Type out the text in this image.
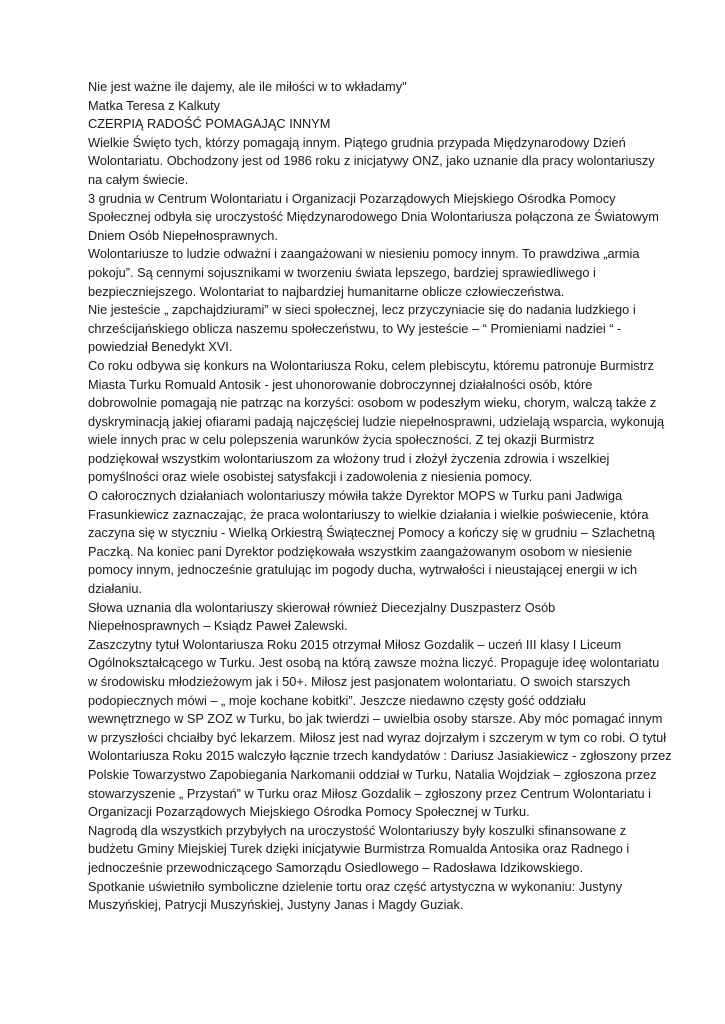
Nie jest ważne ile dajemy, ale ile miłości w to wkładamy"
Matka Teresa z Kalkuty
CZERPIĄ RADOŚĆ POMAGAJĄC INNYM
Wielkie Święto tych, którzy pomagają innym. Piątego grudnia przypada Międzynarodowy Dzień
Wolontariatu. Obchodzony jest od 1986 roku z inicjatywy ONZ, jako uznanie dla pracy wolontariuszy
na całym świecie.
3 grudnia w Centrum Wolontariatu i Organizacji Pozarządowych Miejskiego Ośrodka Pomocy
Społecznej odbyła się uroczystość Międzynarodowego Dnia Wolontariusza połączona ze Światowym
Dniem Osób Niepełnosprawnych.
Wolontariusze to ludzie odważni i zaangażowani w niesieniu pomocy innym. To prawdziwa „armia
pokoju”. Są cennymi sojusznikami w tworzeniu świata lepszego, bardziej sprawiedliwego i
bezpieczniejszego. Wolontariat to najbardziej humanitarne oblicze człowieczeństwa.
Nie jesteście „ zapchajdziurami” w sieci społecznej, lecz przyczyniacie się do nadania ludzkiego i
chrześcijańskiego oblicza naszemu społeczeństwu, to Wy jesteście – “ Promieniami nadziei “ -
powiedział Benedykt XVI.
Co roku odbywa się konkurs na Wolontariusza Roku, celem plebiscytu, któremu patronuje Burmistrz
Miasta Turku Romuald Antosik - jest uhonorowanie dobroczynnej działalności osób, które
dobrowolnie pomagają nie patrząc na korzyści: osobom w podeszłym wieku, chorym, walczą także z
dyskryminacją jakiej ofiarami padają najczęściej ludzie niepełnosprawni, udzielają wsparcia, wykonują
wiele innych prac w celu polepszenia warunków życia społeczności. Z tej okazji Burmistrz
podziękował wszystkim wolontariuszom za włożony trud i złożył życzenia zdrowia i wszelkiej
pomyślności oraz wiele osobistej satysfakcji i zadowolenia z niesienia pomocy.
O całorocznych działaniach wolontariuszy mówiła także Dyrektor MOPS w Turku pani Jadwiga
Frasunkiewicz zaznaczając, że praca wolontariuszy to wielkie działania i wielkie poświecenie, która
zaczyna się w styczniu - Wielką Orkiestrą Świątecznej Pomocy a kończy się w grudniu – Szlachetną
Paczką. Na koniec pani Dyrektor podziękowała wszystkim zaangażowanym osobom w niesienie
pomocy innym, jednocześnie gratulując im pogody ducha, wytrwałości i nieustającej energii w ich
działaniu.
Słowa uznania dla wolontariuszy skierował również Diecezjalny Duszpasterz Osób
Niepełnosprawnych – Ksiądz Paweł Zalewski.
Zaszczytny tytuł Wolontariusza Roku 2015 otrzymał Miłosz Gozdalik – uczeń III klasy I Liceum
Ogólnokształcącego w Turku. Jest osobą na którą zawsze można liczyć. Propaguje ideę wolontariatu
w środowisku młodzieżowym jak i 50+. Miłosz jest pasjonatem wolontariatu. O swoich starszych
podopiecznych mówi – „ moje kochane kobitki”. Jeszcze niedawno częsty gość oddziału
wewnętrznego w SP ZOZ w Turku, bo jak twierdzi – uwielbia osoby starsze. Aby móc pomagać innym
w przyszłości chciałby być lekarzem. Miłosz jest nad wyraz dojrzałym i szczerym w tym co robi. O tytuł
Wolontariusza Roku 2015 walczyło łącznie trzech kandydatów : Dariusz Jasiakiewicz - zgłoszony przez
Polskie Towarzystwo Zapobiegania Narkomanii oddział w Turku, Natalia Wojdziak – zgłoszona przez
stowarzyszenie „ Przystań” w Turku oraz Miłosz Gozdalik – zgłoszony przez Centrum Wolontariatu i
Organizacji Pozarządowych Miejskiego Ośrodka Pomocy Społecznej w Turku.
Nagrodą dla wszystkich przybyłych na uroczystość Wolontariuszy były koszulki sfinansowane z
budżetu Gminy Miejskiej Turek dzięki inicjatywie Burmistrza Romualda Antosika oraz Radnego i
jednocześnie przewodniczącego Samorządu Osiedlowego – Radosława Idzikowskiego.
Spotkanie uświetniło symboliczne dzielenie tortu oraz część artystyczna w wykonaniu: Justyny
Muszyńskiej, Patrycji Muszyńskiej, Justyny Janas i Magdy Guziak.
